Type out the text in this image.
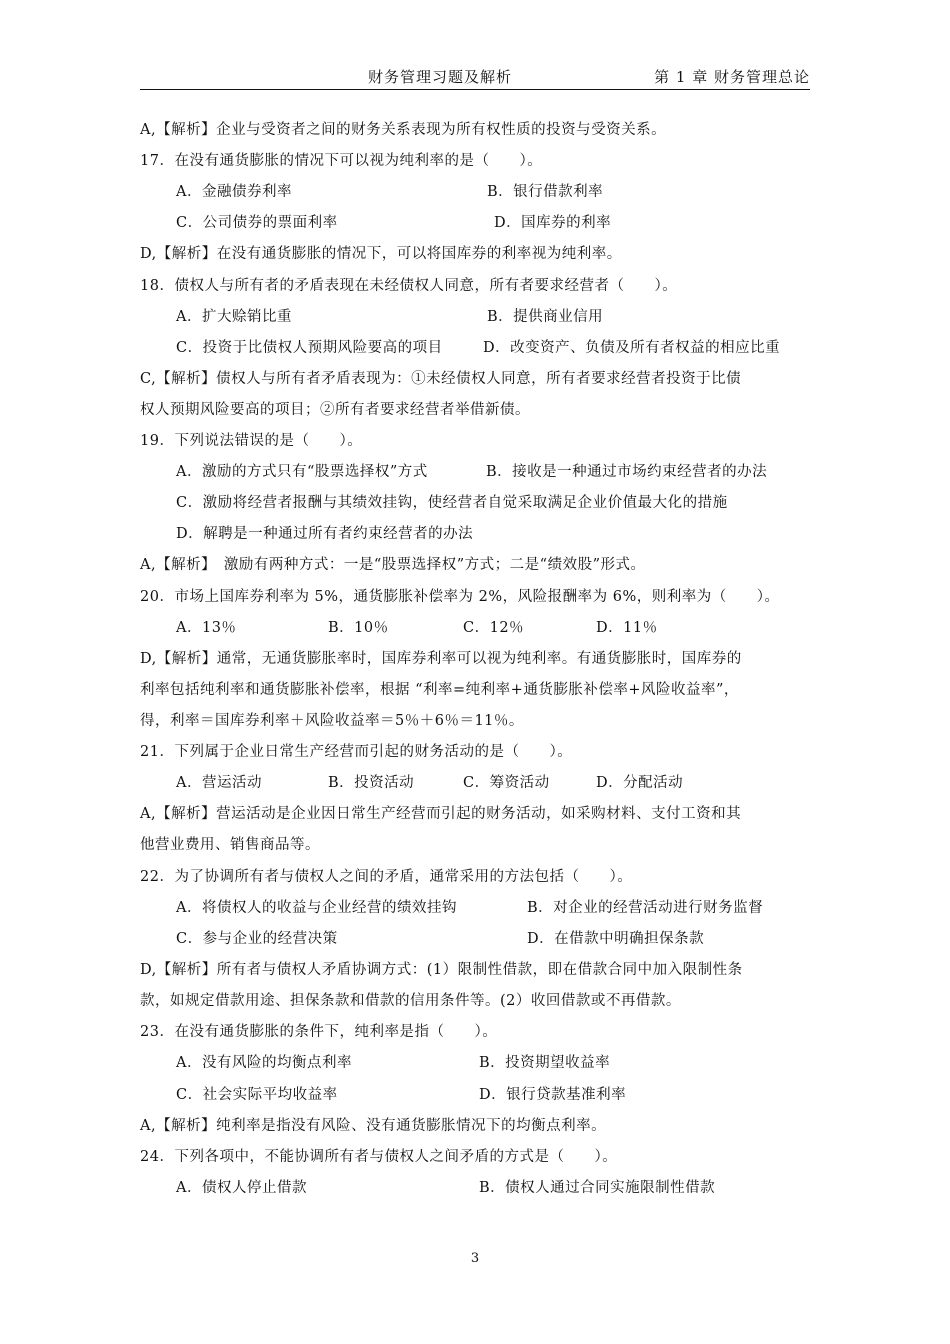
财务管理习题及解析	第 1 章 财务管理总论
A,【解析】企业与受资者之间的财务关系表现为所有权性质的投资与受资关系。
17．在没有通货膨胀的情况下可以视为纯利率的是（　　）。
A．金融债券利率	B．银行借款利率
C．公司债券的票面利率	D．国库券的利率
D,【解析】在没有通货膨胀的情况下，可以将国库券的利率视为纯利率。
18．债权人与所有者的矛盾表现在未经债权人同意，所有者要求经营者（　　）。
A．扩大赊销比重	B．提供商业信用
C．投资于比债权人预期风险要高的项目	D．改变资产、负债及所有者权益的相应比重
C,【解析】债权人与所有者矛盾表现为：①未经债权人同意，所有者要求经营者投资于比债
权人预期风险要高的项目；②所有者要求经营者举借新债。
19．下列说法错误的是（　　）。
A．激励的方式只有“股票选择权”方式	B．接收是一种通过市场约束经营者的办法
C．激励将经营者报酬与其绩效挂钩，使经营者自觉采取满足企业价值最大化的措施
D．解聘是一种通过所有者约束经营者的办法
A,【解析】　激励有两种方式：一是“股票选择权”方式；二是“绩效股”形式。
20．市场上国库券利率为 5%，通货膨胀补偿率为 2%，风险报酬率为 6%，则利率为（　　）。
A．13％	B．10％	C．12％	D．11％
D,【解析】通常，无通货膨胀率时，国库券利率可以视为纯利率。有通货膨胀时，国库券的
利率包括纯利率和通货膨胀补偿率，根据 “利率=纯利率+通货膨胀补偿率+风险收益率”，
得，利率＝国库券利率＋风险收益率＝5％＋6％＝11％。
21．下列属于企业日常生产经营而引起的财务活动的是（　　）。
A．营运活动	B．投资活动	C．筹资活动	D．分配活动
A,【解析】营运活动是企业因日常生产经营而引起的财务活动，如采购材料、支付工资和其
他营业费用、销售商品等。
22．为了协调所有者与债权人之间的矛盾，通常采用的方法包括（　　）。
A．将债权人的收益与企业经营的绩效挂钩	B．对企业的经营活动进行财务监督
C．参与企业的经营决策	D．在借款中明确担保条款
D,【解析】所有者与债权人矛盾协调方式：(1）限制性借款，即在借款合同中加入限制性条
款，如规定借款用途、担保条款和借款的信用条件等。(2）收回借款或不再借款。
23．在没有通货膨胀的条件下，纯利率是指（　　）。
A．没有风险的均衡点利率	B．投资期望收益率
C．社会实际平均收益率	D．银行贷款基准利率
A,【解析】纯利率是指没有风险、没有通货膨胀情况下的均衡点利率。
24．下列各项中，不能协调所有者与债权人之间矛盾的方式是（　　）。
A．债权人停止借款	B．债权人通过合同实施限制性借款
3
